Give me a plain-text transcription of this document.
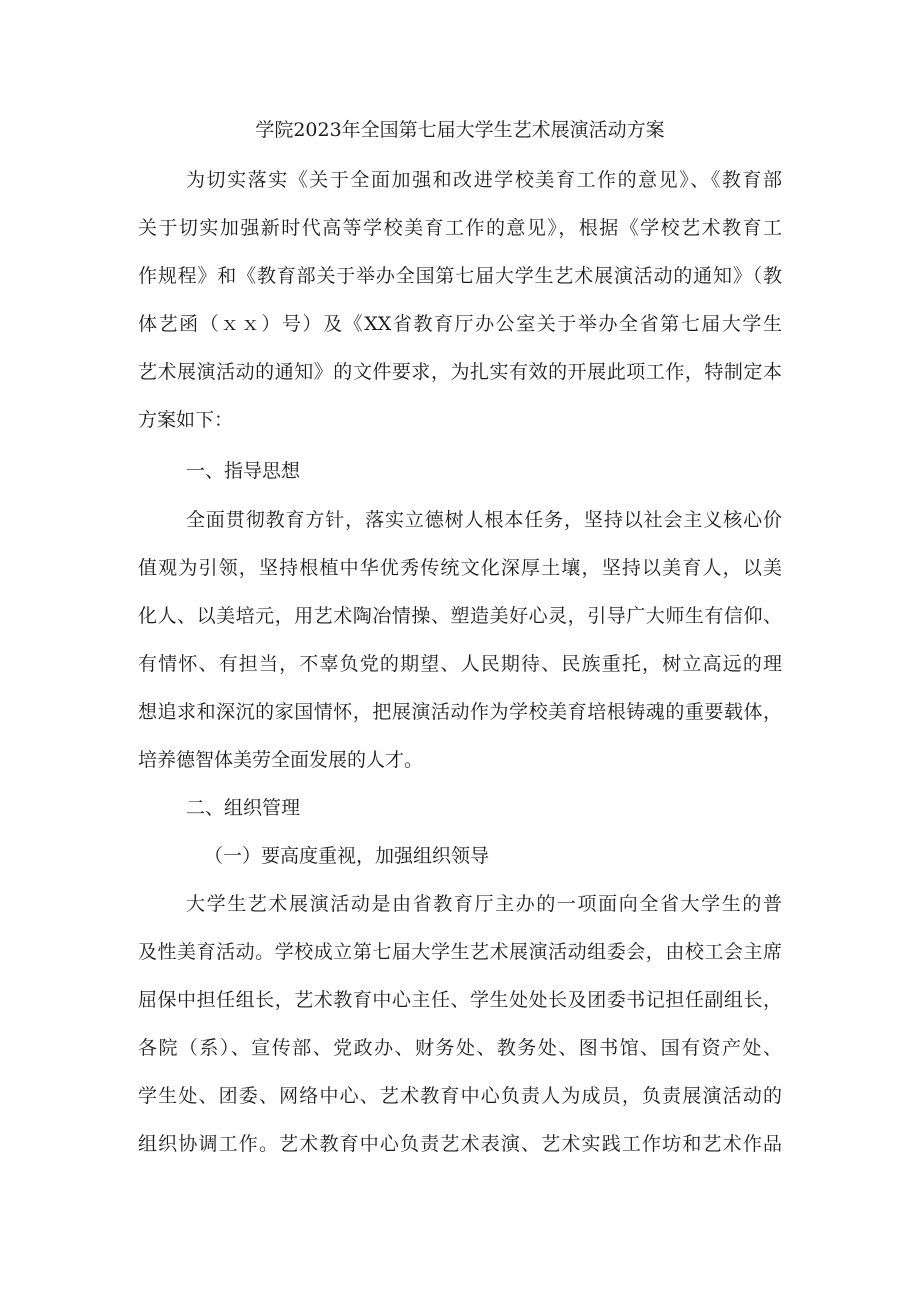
学院2023年全国第七届大学生艺术展演活动方案
为切实落实《关于全面加强和改进学校美育工作的意见》、《教育部
关于切实加强新时代高等学校美育工作的意见》，根据《学校艺术教育工
作规程》和《教育部关于举办全国第七届大学生艺术展演活动的通知》（教
体艺函（ｘｘ）号）及《XX省教育厅办公室关于举办全省第七届大学生
艺术展演活动的通知》的文件要求，为扎实有效的开展此项工作，特制定本
方案如下：
一、指导思想
全面贯彻教育方针，落实立德树人根本任务，坚持以社会主义核心价
值观为引领，坚持根植中华优秀传统文化深厚土壤，坚持以美育人，以美
化人、以美培元，用艺术陶冶情操、塑造美好心灵，引导广大师生有信仰、
有情怀、有担当，不辜负党的期望、人民期待、民族重托，树立高远的理
想追求和深沉的家国情怀，把展演活动作为学校美育培根铸魂的重要载体，
培养德智体美劳全面发展的人才。
二、组织管理
（一）要高度重视，加强组织领导
大学生艺术展演活动是由省教育厅主办的一项面向全省大学生的普
及性美育活动。学校成立第七届大学生艺术展演活动组委会，由校工会主席
屈保中担任组长，艺术教育中心主任、学生处处长及团委书记担任副组长，
各院（系）、宣传部、党政办、财务处、教务处、图书馆、国有资产处、
学生处、团委、网络中心、艺术教育中心负责人为成员，负责展演活动的
组织协调工作。艺术教育中心负责艺术表演、艺术实践工作坊和艺术作品
